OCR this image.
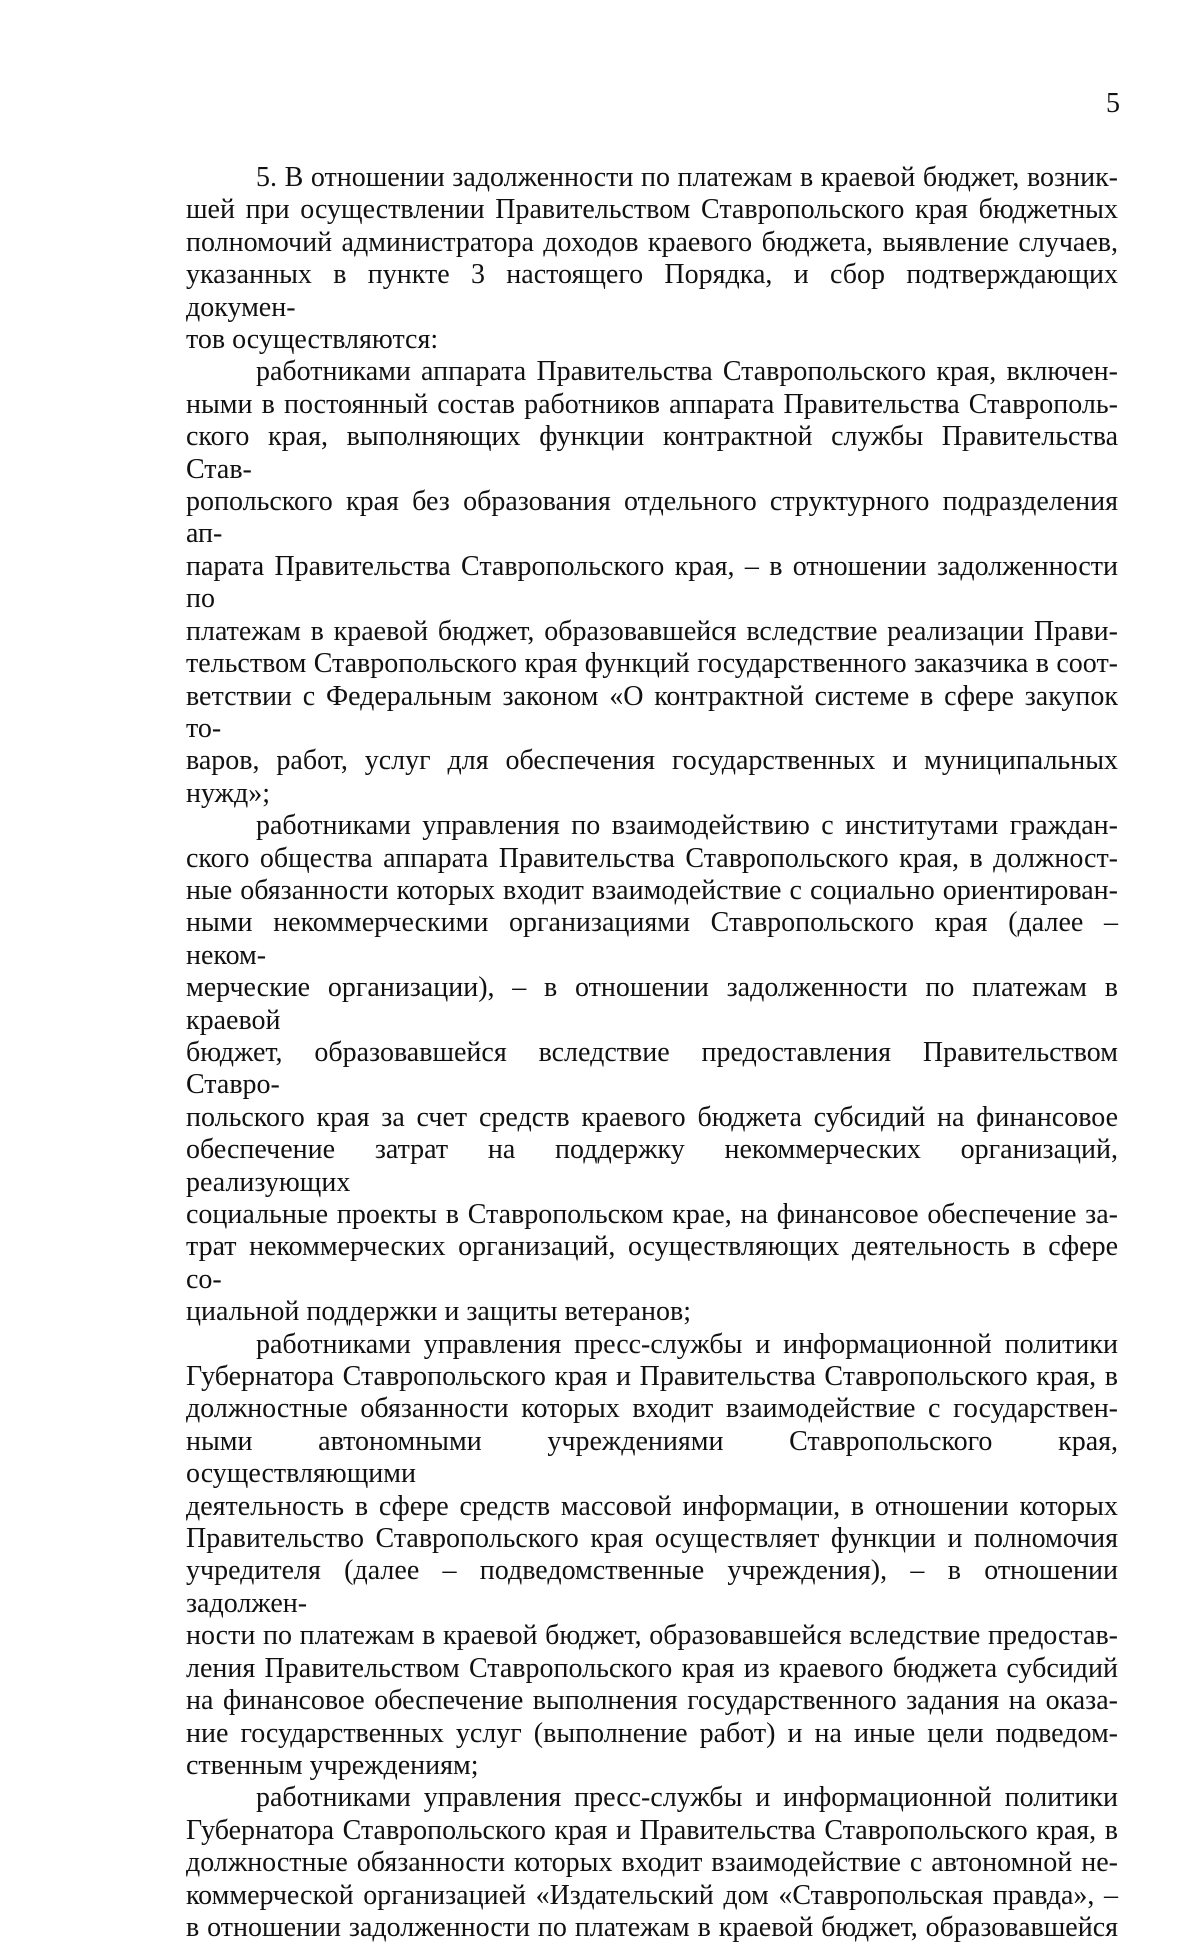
5

5. В отношении задолженности по платежам в краевой бюджет, возник-
шей при осуществлении Правительством Ставропольского края бюджетных
полномочий администратора доходов краевого бюджета, выявление случаев,
указанных в пункте 3 настоящего Порядка, и сбор подтверждающих докумен-
тов осуществляются:

работниками аппарата Правительства Ставропольского края, включен-
ными в постоянный состав работников аппарата Правительства Ставрополь-
ского края, выполняющих функции контрактной службы Правительства Став-
ропольского края без образования отдельного структурного подразделения ап-
парата Правительства Ставропольского края, – в отношении задолженности по
платежам в краевой бюджет, образовавшейся вследствие реализации Прави-
тельством Ставропольского края функций государственного заказчика в соот-
ветствии с Федеральным законом «О контрактной системе в сфере закупок то-
варов, работ, услуг для обеспечения государственных и муниципальных
нужд»;

работниками управления по взаимодействию с институтами граждан-
ского общества аппарата Правительства Ставропольского края, в должност-
ные обязанности которых входит взаимодействие с социально ориентирован-
ными некоммерческими организациями Ставропольского края (далее – неком-
мерческие организации), – в отношении задолженности по платежам в краевой
бюджет, образовавшейся вследствие предоставления Правительством Ставро-
польского края за счет средств краевого бюджета субсидий на финансовое
обеспечение затрат на поддержку некоммерческих организаций, реализующих
социальные проекты в Ставропольском крае, на финансовое обеспечение за-
трат некоммерческих организаций, осуществляющих деятельность в сфере со-
циальной поддержки и защиты ветеранов;

работниками управления пресс-службы и информационной политики
Губернатора Ставропольского края и Правительства Ставропольского края, в
должностные обязанности которых входит взаимодействие с государствен-
ными автономными учреждениями Ставропольского края, осуществляющими
деятельность в сфере средств массовой информации, в отношении которых
Правительство Ставропольского края осуществляет функции и полномочия
учредителя (далее – подведомственные учреждения), – в отношении задолжен-
ности по платежам в краевой бюджет, образовавшейся вследствие предостав-
ления Правительством Ставропольского края из краевого бюджета субсидий
на финансовое обеспечение выполнения государственного задания на оказа-
ние государственных услуг (выполнение работ) и на иные цели подведом-
ственным учреждениям;

работниками управления пресс-службы и информационной политики
Губернатора Ставропольского края и Правительства Ставропольского края, в
должностные обязанности которых входит взаимодействие с автономной не-
коммерческой организацией «Издательский дом «Ставропольская правда», –
в отношении задолженности по платежам в краевой бюджет, образовавшейся
